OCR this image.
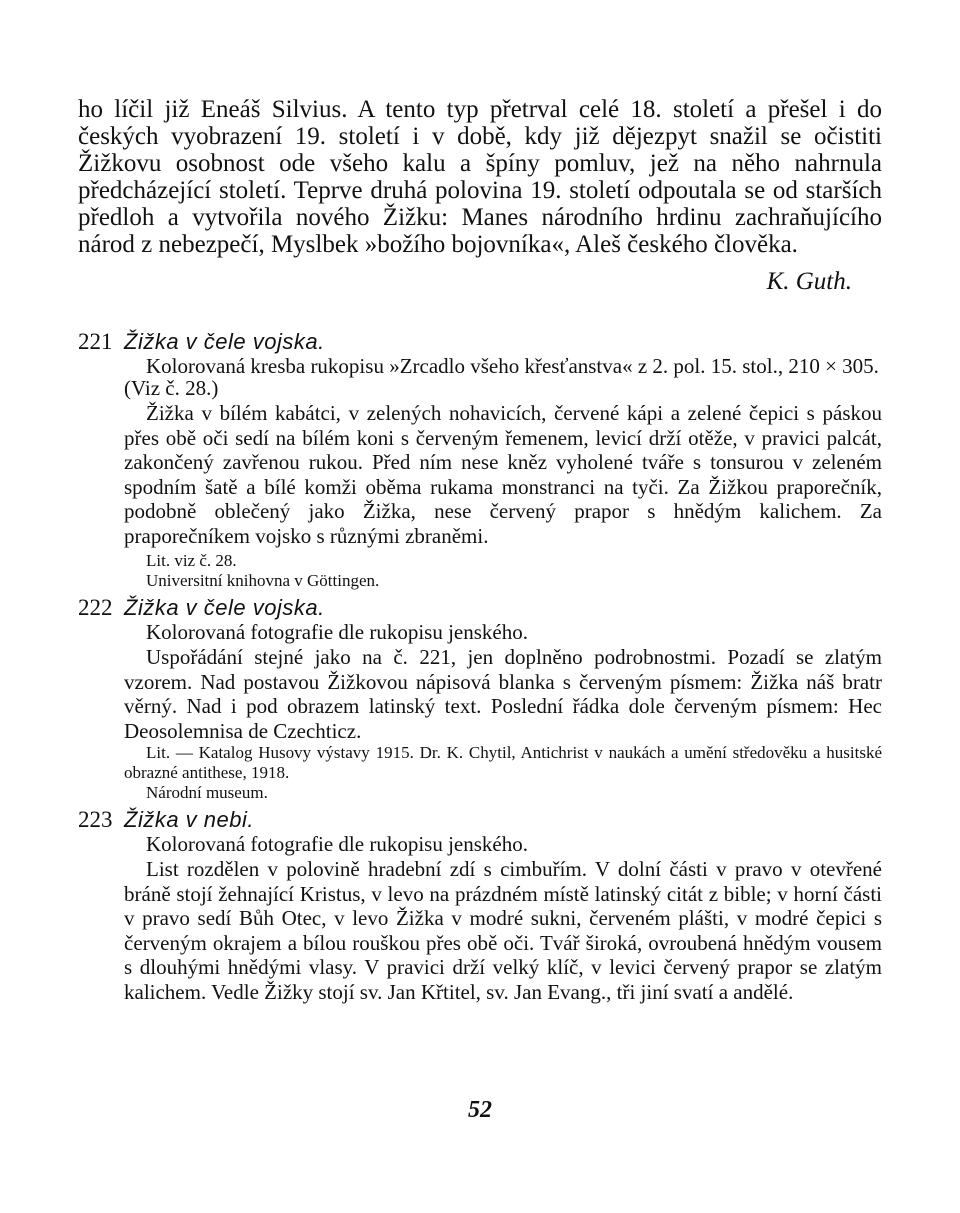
ho líčil již Eneáš Silvius. A tento typ přetrval celé 18. století a přešel i do českých vyobrazení 19. století i v době, kdy již dějezpyt snažil se očistiti Žižkovu osobnost ode všeho kalu a špíny pomluv, jež na něho nahrnula předcházející století. Teprve druhá polovina 19. století odpoutala se od starších předloh a vytvořila nového Žižku: Manes národního hrdinu zachraňujícího národ z nebezpečí, Myslbek »božího bojovníka«, Aleš českého člověka.

K. Guth.
221 Žižka v čele vojska.

Kolorovaná kresba rukopisu »Zrcadlo všeho křesťanstva« z 2. pol. 15. stol., 210 × 305. (Viz č. 28.)

Žižka v bílém kabátci, v zelených nohavicích, červené kápi a zelené čepici s páskou přes obě oči sedí na bílém koni s červeným řemenem, levicí drží otěže, v pravici palcát, zakončený zavřenou rukou. Před ním nese kněz vyholené tváře s tonsurou v zeleném spodním šatě a bílé komži oběma rukama monstranci na tyči. Za Žižkou praporečník, podobně oblečený jako Žižka, nese červený prapor s hnědým kalichem. Za praporečníkem vojsko s různými zbraněmi.

Lit. viz č. 28.

Universitní knihovna v Göttingen.

222 Žižka v čele vojska.

Kolorovaná fotografie dle rukopisu jenského.

Uspořádání stejné jako na č. 221, jen doplněno podrobnostmi. Pozadí se zlatým vzorem. Nad postavou Žižkovou nápisová blanka s červeným písmem: Žižka náš bratr věrný. Nad i pod obrazem latinský text. Poslední řádka dole červeným písmem: Hec Deosolemnisa de Czechticz.

Lit. — Katalog Husovy výstavy 1915. Dr. K. Chytil, Antichrist v naukách a umění středověku a husitské obrazné antithese, 1918.

Národní museum.

223 Žižka v nebi.

Kolorovaná fotografie dle rukopisu jenského.

List rozdělen v polovině hradební zdí s cimbuřím. V dolní části v pravo v otevřené bráně stojí žehnající Kristus, v levo na prázdném místě latinský citát z bible; v horní části v pravo sedí Bůh Otec, v levo Žižka v modré sukni, červeném plášti, v modré čepici s červeným okrajem a bílou rouškou přes obě oči. Tvář široká, ovroubená hnědým vousem s dlouhými hnědými vlasy. V pravici drží velký klíč, v levici červený prapor se zlatým kalichem. Vedle Žižky stojí sv. Jan Křtitel, sv. Jan Evang., tři jiní svatí a andělé.

52
